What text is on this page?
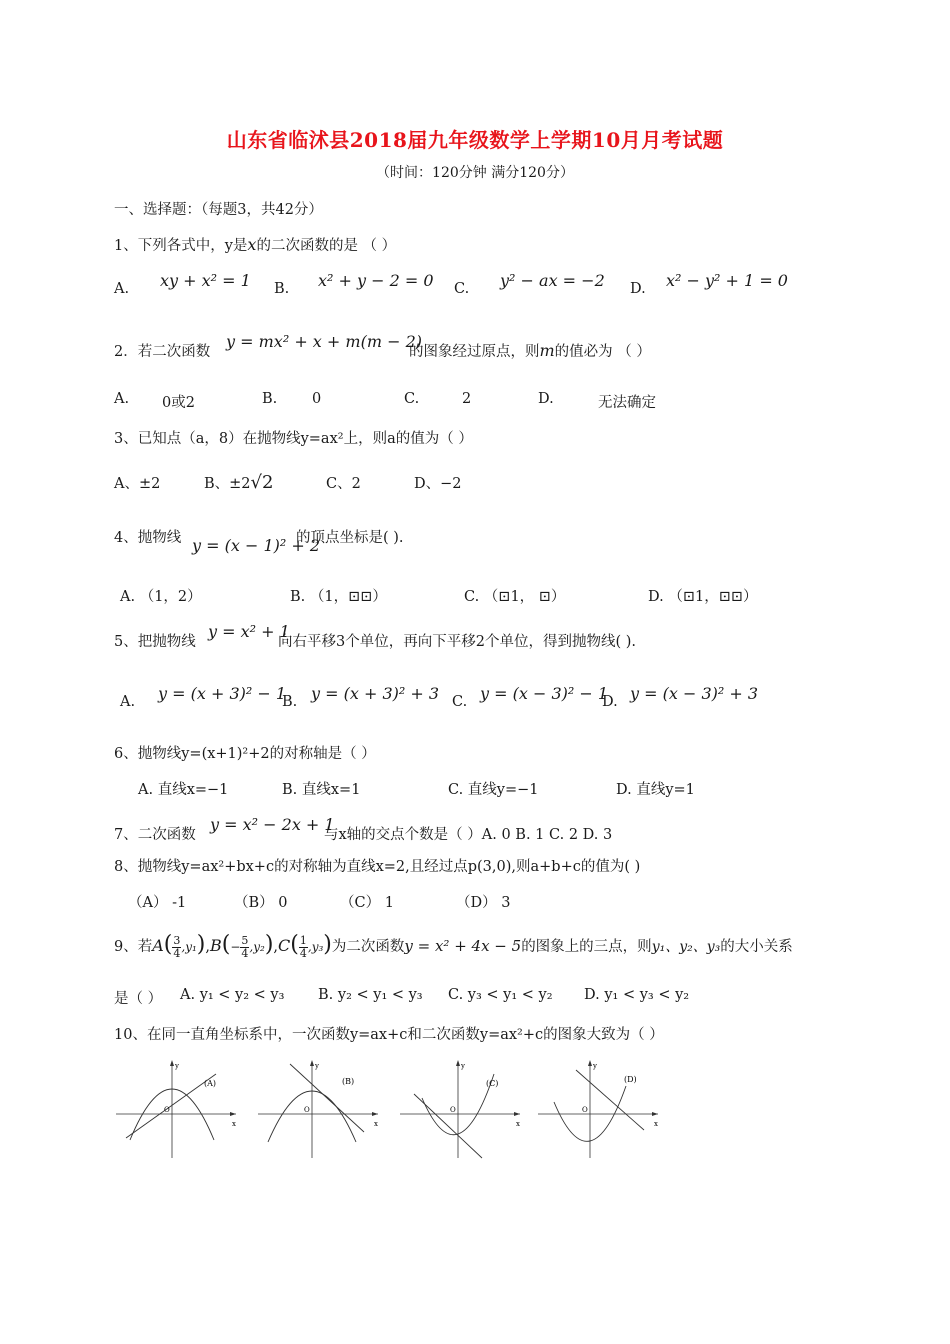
山东省临沭县2018届九年级数学上学期10月月考试题
（时间：120分钟 满分120分）
一、选择题：（每题3，共42分）
1、下列各式中，y是x的二次函数的是 （ ）
A. xy + x² = 1 B. x² + y − 2 = 0 C. y² − ax = −2 D. x² − y² + 1 = 0
2．若二次函数
y = mx² + x + m(m − 2)
的图象经过原点，则m的值必为 （ ）
A. 0或2	B. 0	C.	2	D.	无法确定
3、已知点（a，8）在抛物线y=ax²上，则a的值为（ ）
A、±2	B、±2√2	C、2	D、−2
4、抛物线 y = (x − 1)² + 2
的顶点坐标是( ).
A. （1，2）	B. （1，⊡⊡）	C. （⊡1， ⊡）	D. （⊡1，⊡⊡）
5、把抛物线
y = x² + 1
向右平移3个单位，再向下平移2个单位，得到抛物线( ).
A. y = (x + 3)² − 1
B. y = (x + 3)² + 3 C. y = (x − 3)² − 1
D. y = (x − 3)² + 3
6、抛物线y=(x+1)²+2的对称轴是（ ）
A. 直线x=−1	B. 直线x=1	C. 直线y=−1	D. 直线y=1
7、二次函数
y = x² − 2x + 1
与x轴的交点个数是（ ）A. 0 B. 1 C. 2 D. 3
8、抛物线y=ax²+bx+c的对称轴为直线x=2,且经过点p(3,0),则a+b+c的值为( )
（A） -1	（B） 0	（C） 1	（D） 3
9、若$A( \frac{3}{4} ,y_1),B(- \frac{5}{4} ,y_2),C( \frac{1}{4} ,y_3)$为二次函数y = x² + 4x − 5的图象上的三点，则y₁、y₂、y₃的大小关系
是（ ） A. y₁ < y₂ < y₃ B. y₂ < y₁ < y₃ C. y₃ < y₁ < y₂ D. y₁ < y₃ < y₂
10、在同一直角坐标系中，一次函数y=ax+c和二次函数y=ax²+c的图象大致为（ ）
(A)
x
y
O
(B)
x
y
O
(C)
x
y
O
(D)
x
y
O
